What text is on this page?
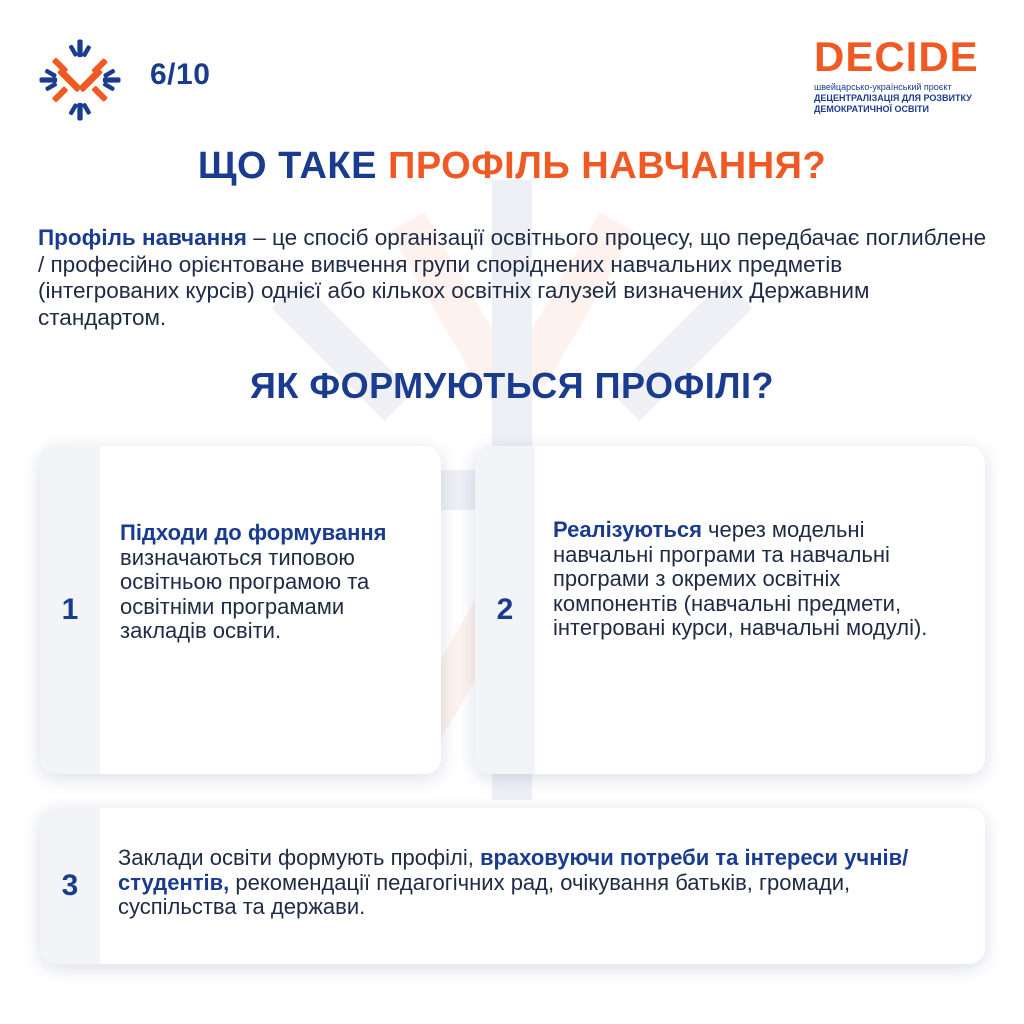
6/10	DECIDE
швейцарсько-український проєкт
ДЕЦЕНТРАЛІЗАЦІЯ ДЛЯ РОЗВИТКУ
ДЕМОКРАТИЧНОЇ ОСВІТИ
ЩО ТАКЕ ПРОФІЛЬ НАВЧАННЯ?

Профіль навчання – це спосіб організації освітнього процесу, що передбачає поглиблене / професійно орієнтоване вивчення групи споріднених навчальних предметів (інтегрованих курсів) однієї або кількох освітніх галузей визначених Державним стандартом.

ЯК ФОРМУЮТЬСЯ ПРОФІЛІ?
1
Підходи до формування
визначаються типовою освітньою програмою та освітніми програмами закладів освіти.
2
Реалізуються через модельні навчальні програми та навчальні програми з окремих освітніх компонентів (навчальні предмети, інтегровані курси, навчальні модулі).
3
Заклади освіти формують профілі, враховуючи потреби та інтереси учнів/студентів, рекомендації педагогічних рад, очікування батьків, громади, суспільства та держави.
